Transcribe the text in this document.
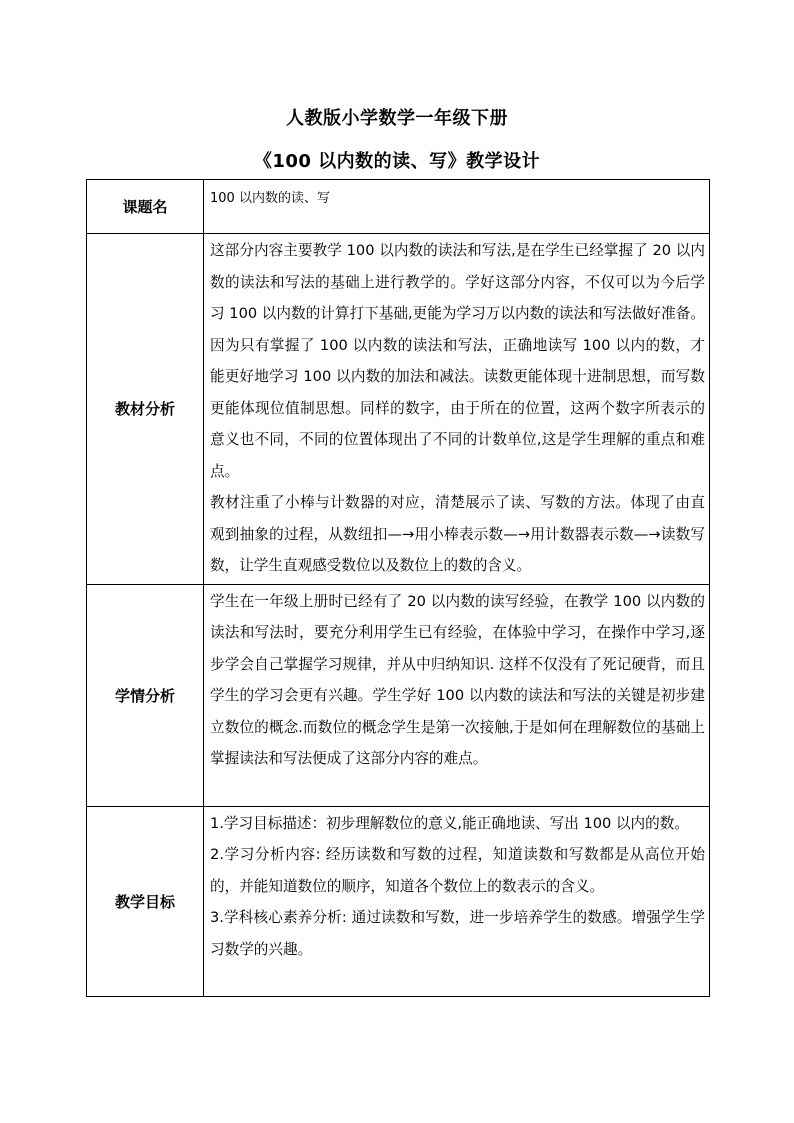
人教版小学数学一年级下册
《100 以内数的读、写》教学设计
课题名	100 以内数的读、写

教材分析	这部分内容主要教学 100 以内数的读法和写法,是在学生已经掌握了 20 以内数的读法和写法的基础上进行教学的。学好这部分内容，不仅可以为今后学习 100 以内数的计算打下基础,更能为学习万以内数的读法和写法做好准备。因为只有掌握了 100 以内数的读法和写法，正确地读写 100 以内的数，才能更好地学习 100 以内数的加法和减法。读数更能体现十进制思想，而写数更能体现位值制思想。同样的数字，由于所在的位置，这两个数字所表示的意义也不同，不同的位置体现出了不同的计数单位,这是学生理解的重点和难点。

教材注重了小棒与计数器的对应，清楚展示了读、写数的方法。体现了由直观到抽象的过程，从数纽扣—→用小棒表示数—→用计数器表示数—→读数写数，让学生直观感受数位以及数位上的数的含义。

学情分析	学生在一年级上册时已经有了 20 以内数的读写经验，在教学 100 以内数的读法和写法时，要充分利用学生已有经验，在体验中学习，在操作中学习,逐步学会自己掌握学习规律，并从中归纳知识. 这样不仅没有了死记硬背，而且学生的学习会更有兴趣。学生学好 100 以内数的读法和写法的关键是初步建立数位的概念.而数位的概念学生是第一次接触,于是如何在理解数位的基础上掌握读法和写法便成了这部分内容的难点。

教学目标	1.学习目标描述：初步理解数位的意义,能正确地读、写出 100 以内的数。

2.学习分析内容: 经历读数和写数的过程，知道读数和写数都是从高位开始的，并能知道数位的顺序，知道各个数位上的数表示的含义。

3.学科核心素养分析: 通过读数和写数，进一步培养学生的数感。增强学生学习数学的兴趣。
